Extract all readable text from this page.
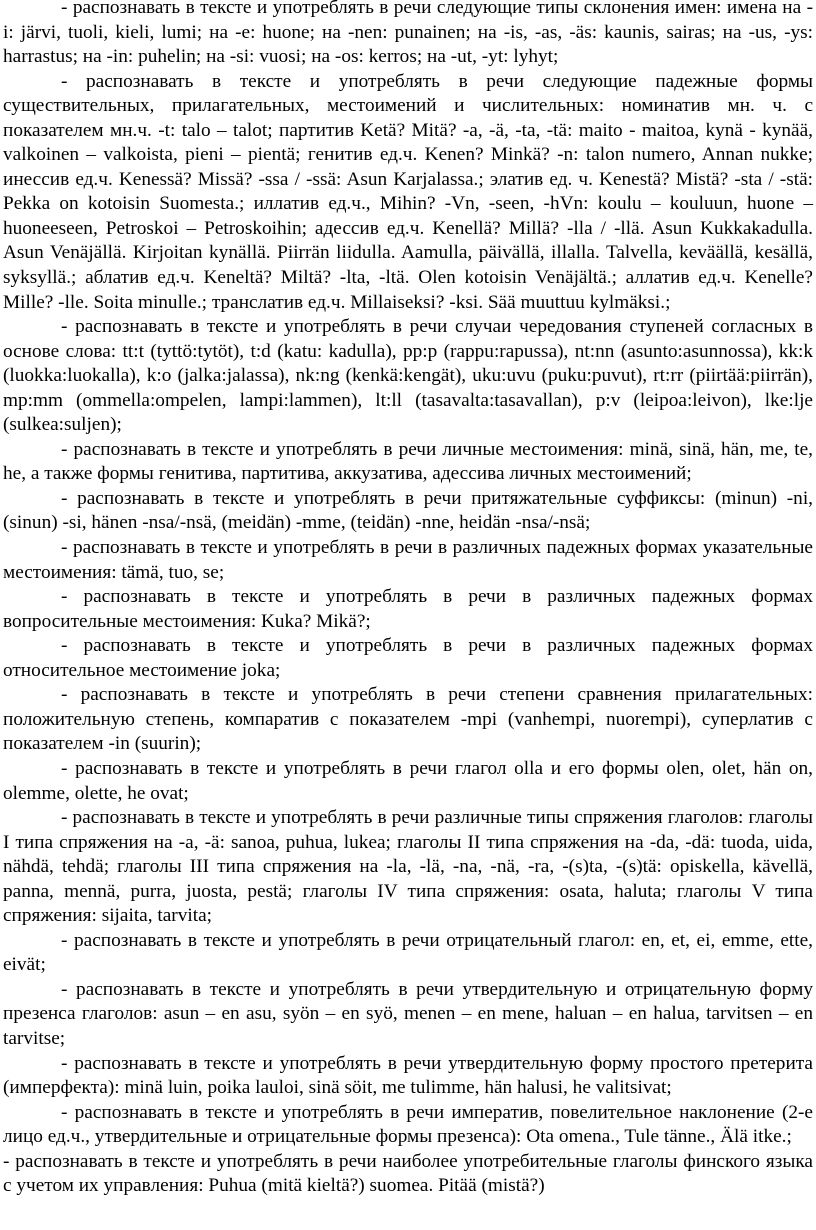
- распознавать в тексте и употреблять в речи следующие типы склонения имен: имена на -i: järvi, tuoli, kieli, lumi; на -e: huone; на -nen: punainen; на -is, -as, -äs: kaunis, sairas; на -us, -ys: harrastus; на -in: puhelin; на -si: vuosi; на -os: kerros; на -ut, -yt: lyhyt;

- распознавать в тексте и употреблять в речи следующие падежные формы существительных, прилагательных, местоимений и числительных: номинатив мн. ч. с показателем мн.ч. -t: talo – talot; партитив Ketä? Mitä? -a, -ä, -ta, -tä: maito - maitoa, kynä - kynää, valkoinen – valkoista, pieni – pientä; генитив ед.ч. Kenen? Minkä? -n: talon numero, Annan nukke; инессив ед.ч. Kenessä? Missä? -ssa / -ssä: Asun Karjalassa.; элатив ед. ч. Kenestä? Mistä? -sta / -stä: Pekka on kotoisin Suomesta.; иллатив ед.ч., Mihin? -Vn, -seen, -hVn: koulu – kouluun, huone – huoneeseen, Petroskoi – Petroskoihin; адессив ед.ч. Kenellä? Millä? -lla / -llä. Asun Kukkakadulla. Asun Venäjällä. Kirjoitan kynällä. Piirrän liidulla. Aamulla, päivällä, illalla. Talvella, keväällä, kesällä, syksyllä.; аблатив ед.ч. Keneltä? Miltä? -lta, -ltä. Olen kotoisin Venäjältä.; аллатив ед.ч. Kenelle? Mille? -lle. Soita minulle.; транслатив ед.ч. Millaiseksi? -ksi. Sää muuttuu kylmäksi.;

- распознавать в тексте и употреблять в речи случаи чередования ступеней согласных в основе слова: tt:t (tyttö:tytöt), t:d (katu: kadulla), pp:p (rappu:rapussa), nt:nn (asunto:asunnossa), kk:k (luokka:luokalla), k:o (jalka:jalassa), nk:ng (kenkä:kengät), uku:uvu (puku:puvut), rt:rr (piirtää:piirrän), mp:mm (ommella:ompelen, lampi:lammen), lt:ll (tasavalta:tasavallan), p:v (leipoa:leivon), lke:lje (sulkea:suljen);

- распознавать в тексте и употреблять в речи личные местоимения: minä, sinä, hän, me, te, he, а также формы генитива, партитива, аккузатива, адессива личных местоимений;

- распознавать в тексте и употреблять в речи притяжательные суффиксы: (minun) -ni, (sinun) -si, hänen -nsa/-nsä, (meidän) -mme, (teidän) -nne, heidän -nsa/-nsä;

- распознавать в тексте и употреблять в речи в различных падежных формах указательные местоимения: tämä, tuo, se;

- распознавать в тексте и употреблять в речи в различных падежных формах вопросительные местоимения: Kuka? Mikä?;

- распознавать в тексте и употреблять в речи в различных падежных формах относительное местоимение joka;

- распознавать в тексте и употреблять в речи степени сравнения прилагательных: положительную степень, компаратив с показателем -mpi (vanhempi, nuorempi), суперлатив с показателем -in (suurin);

- распознавать в тексте и употреблять в речи глагол olla и его формы olen, olet, hän on, olemme, olette, he ovat;

- распознавать в тексте и употреблять в речи различные типы спряжения глаголов: глаголы I типа спряжения на -a, -ä: sanoa, puhua, lukea; глаголы II типа спряжения на -da, -dä: tuoda, uida, nähdä, tehdä; глаголы III типа спряжения на -la, -lä, -na, -nä, -ra, -(s)ta, -(s)tä: opiskella, kävellä, panna, mennä, purra, juosta, pestä; глаголы IV типа спряжения: osata, haluta; глаголы V типа спряжения: sijaita, tarvita;

- распознавать в тексте и употреблять в речи отрицательный глагол: en, et, ei, emme, ette, eivät;

- распознавать в тексте и употреблять в речи утвердительную и отрицательную форму презенса глаголов: asun – en asu, syön – en syö, menen – en mene, haluan – en halua, tarvitsen – en tarvitse;

- распознавать в тексте и употреблять в речи утвердительную форму простого претерита (имперфекта): minä luin, poika lauloi, sinä söit, me tulimme, hän halusi, he valitsivat;

- распознавать в тексте и употреблять в речи императив, повелительное наклонение (2-е лицо ед.ч., утвердительные и отрицательные формы презенса): Ota omena., Tule tänne., Älä itke.;

- распознавать в тексте и употреблять в речи наиболее употребительные глаголы финского языка с учетом их управления: Puhua (mitä kieltä?) suomea. Pitää (mistä?)
